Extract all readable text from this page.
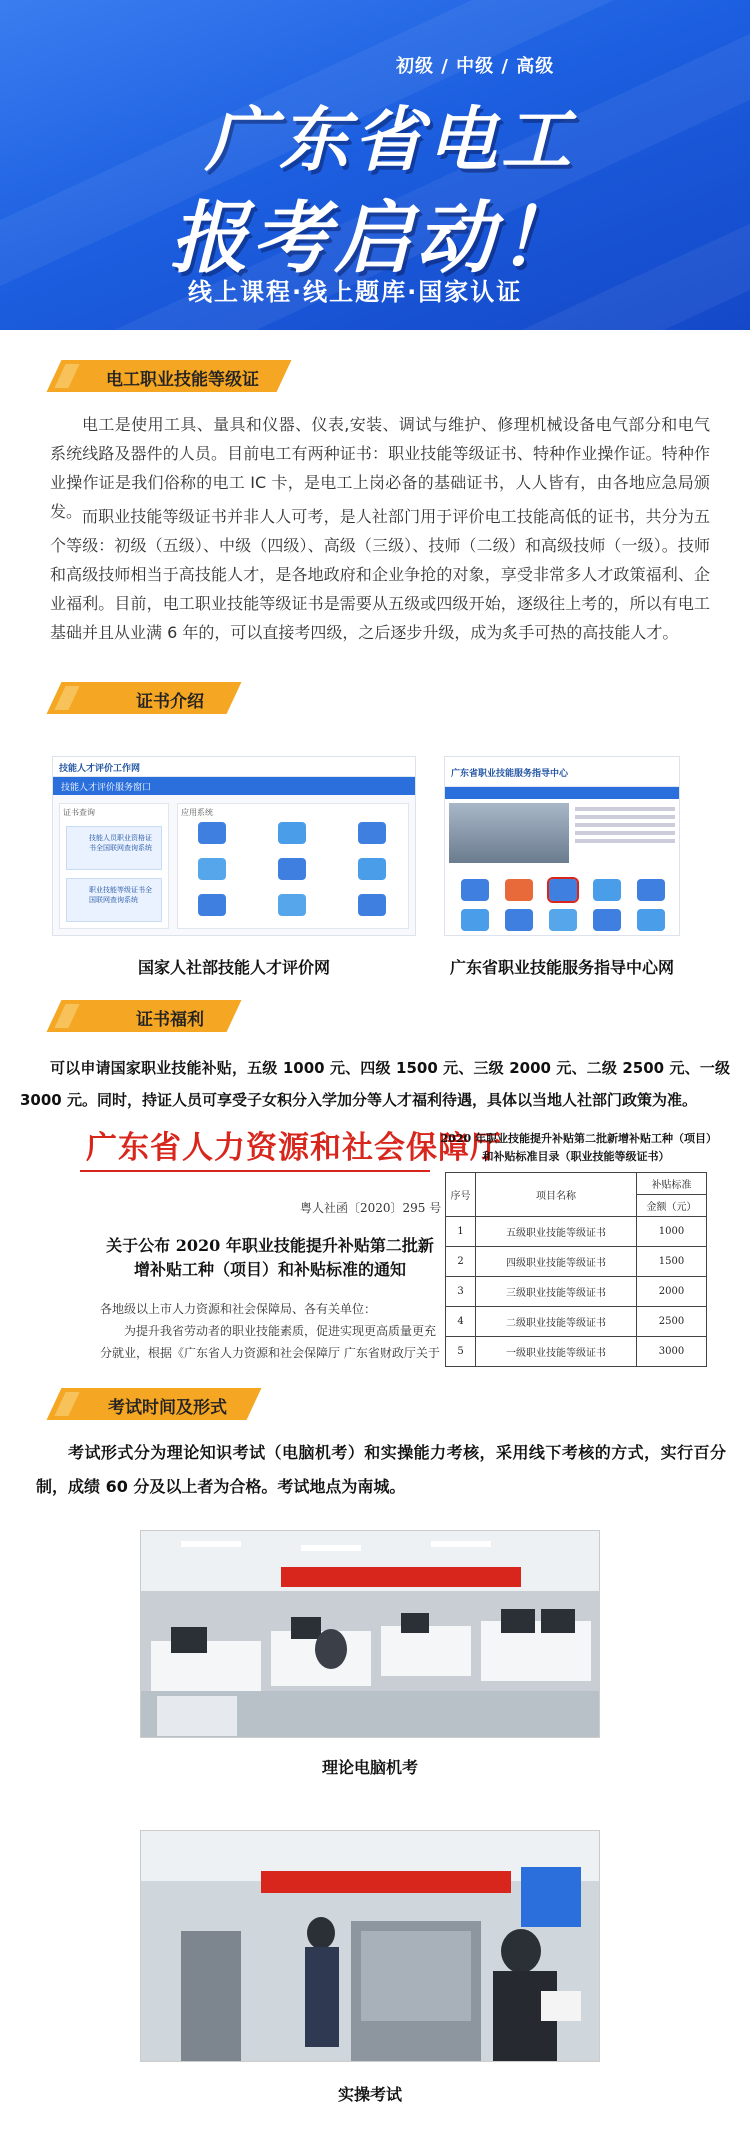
初级 / 中级 / 高级
广东省电工
报考启动！
线上课程·线上题库·国家认证
电工职业技能等级证

电工是使用工具、量具和仪器、仪表,安装、调试与维护、修理机械设备电气部分和电气系统线路及器件的人员。目前电工有两种证书：职业技能等级证书、特种作业操作证。特种作业操作证是我们俗称的电工 IC 卡，是电工上岗必备的基础证书，人人皆有，由各地应急局颁发。 而职业技能等级证书并非人人可考，是人社部门用于评价电工技能高低的证书，共分为五个等级：初级（五级）、中级（四级）、高级（三级）、技师（二级）和高级技师（一级）。技师和高级技师相当于高技能人才，是各地政府和企业争抢的对象，享受非常多人才政策福利、企业福利。目前，电工职业技能等级证书是需要从五级或四级开始，逐级往上考的，所以有电工基础并且从业满 6 年的，可以直接考四级，之后逐步升级，成为炙手可热的高技能人才。

证书介绍
技能人才评价工作网
技能人才评价服务窗口
证书查询
技能人员职业资格证书全国联网查询系统
职业技能等级证书全国联网查询系统
应用系统
国家人社部技能人才评价网
广东省职业技能服务指导中心
广东省职业技能服务指导中心网
证书福利

可以申请国家职业技能补贴，五级 1000 元、四级 1500 元、三级 2000 元、二级 2500 元、一级 3000 元。同时，持证人员可享受子女积分入学加分等人才福利待遇，具体以当地人社部门政策为准。

广东省人力资源和社会保障厅
粤人社函〔2020〕295 号
关于公布 2020 年职业技能提升补贴第二批新增补贴工种（项目）和补贴标准的通知
各地级以上市人力资源和社会保障局、各有关单位：
为提升我省劳动者的职业技能素质，促进实现更高质量更充分就业，根据《广东省人力资源和社会保障厅 广东省财政厅关于
2020 年职业技能提升补贴第二批新增补贴工种（项目）和补贴标准目录（职业技能等级证书）
序号	项目名称	补贴标准
		金额（元）
1	五级职业技能等级证书	1000
2	四级职业技能等级证书	1500
3	三级职业技能等级证书	2000
4	二级职业技能等级证书	2500
5	一级职业技能等级证书	3000
考试时间及形式

考试形式分为理论知识考试（电脑机考）和实操能力考核，采用线下考核的方式，实行百分制，成绩 60 分及以上者为合格。考试地点为南城。

理论电脑机考
实操考试
